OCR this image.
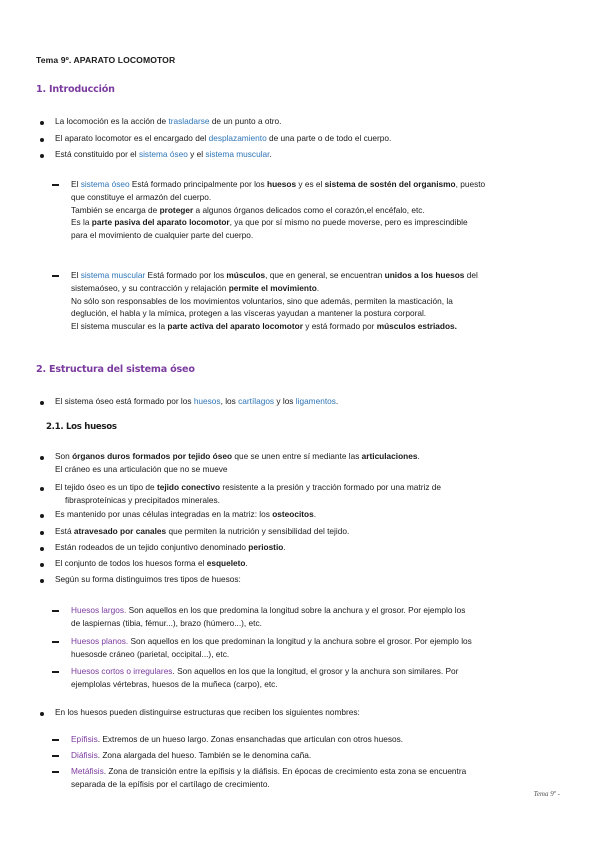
Tema 9º. APARATO LOCOMOTOR
1. Introducción
La locomoción es la acción de trasladarse de un punto a otro.
El aparato locomotor es el encargado del desplazamiento de una parte o de todo el cuerpo.
Está constituido por el sistema óseo y el sistema muscular.
El sistema óseo Está formado principalmente por los huesos y es el sistema de sostén del organismo, puesto
que constituye el armazón del cuerpo.
También se encarga de proteger a algunos órganos delicados como el corazón,el encéfalo, etc.
Es la parte pasiva del aparato locomotor, ya que por sí mismo no puede moverse, pero es imprescindible
para el movimiento de cualquier parte del cuerpo.
El sistema muscular Está formado por los músculos, que en general, se encuentran unidos a los huesos del
sistemaóseo, y su contracción y relajación permite el movimiento.
No sólo son responsables de los movimientos voluntarios, sino que además, permiten la masticación, la
deglución, el habla y la mímica, protegen a las vísceras yayudan a mantener la postura corporal.
El sistema muscular es la parte activa del aparato locomotor y está formado por músculos estriados.
2. Estructura del sistema óseo
El sistema óseo está formado por los huesos, los cartílagos y los ligamentos.
2.1. Los huesos
Son órganos duros formados por tejido óseo que se unen entre sí mediante las articulaciones.
El cráneo es una articulación que no se mueve
El tejido óseo es un tipo de tejido conectivo resistente a la presión y tracción formado por una matriz de
fibrasproteínicas y precipitados minerales.
Es mantenido por unas células integradas en la matriz: los osteocitos.
Está atravesado por canales que permiten la nutrición y sensibilidad del tejido.
Están rodeados de un tejido conjuntivo denominado periostio.
El conjunto de todos los huesos forma el esqueleto.
Según su forma distinguimos tres tipos de huesos:
Huesos largos. Son aquellos en los que predomina la longitud sobre la anchura y el grosor. Por ejemplo los
de laspiernas (tibia, fémur...), brazo (húmero...), etc.
Huesos planos. Son aquellos en los que predominan la longitud y la anchura sobre el grosor. Por ejemplo los
huesosde cráneo (parietal, occipital...), etc.
Huesos cortos o irregulares. Son aquellos en los que la longitud, el grosor y la anchura son similares. Por
ejemplolas vértebras, huesos de la muñeca (carpo), etc.
En los huesos pueden distinguirse estructuras que reciben los siguientes nombres:
Epífisis. Extremos de un hueso largo. Zonas ensanchadas que articulan con otros huesos.
Diáfisis. Zona alargada del hueso. También se le denomina caña.
Metáfisis. Zona de transición entre la epífisis y la diáfisis. En épocas de crecimiento esta zona se encuentra
separada de la epífisis por el cartílago de crecimiento.
Tema 9º -
